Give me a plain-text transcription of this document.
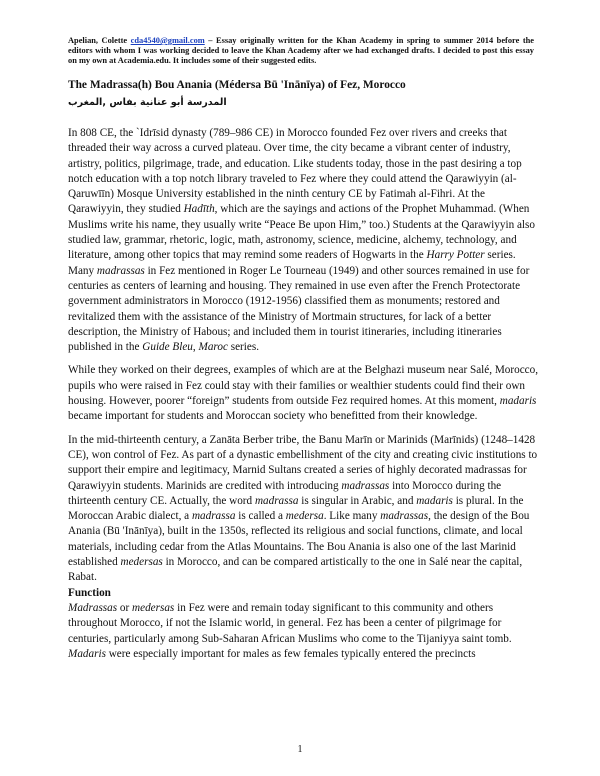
Apelian, Colette cda4540@gmail.com – Essay originally written for the Khan Academy in spring to summer 2014 before the editors with whom I was working decided to leave the Khan Academy after we had exchanged drafts. I decided to post this essay on my own at Academia.edu. It includes some of their suggested edits.
The Madrassa(h) Bou Anania (Médersa Bū 'Inānīya) of Fez, Morocco
المدرسة أبو عنانية بفاس ,المغرب

In 808 CE, the `Idrīsid dynasty (789–986 CE) in Morocco founded Fez over rivers and creeks that threaded their way across a curved plateau. Over time, the city became a vibrant center of industry, artistry, politics, pilgrimage, trade, and education. Like students today, those in the past desiring a top notch education with a top notch library traveled to Fez where they could attend the Qarawiyyin (al-Qaruwīīn) Mosque University established in the ninth century CE by Fatimah al-Fihri. At the Qarawiyyin, they studied Hadīth, which are the sayings and actions of the Prophet Muhammad. (When Muslims write his name, they usually write “Peace Be upon Him,” too.) Students at the Qarawiyyin also studied law, grammar, rhetoric, logic, math, astronomy, science, medicine, alchemy, technology, and literature, among other topics that may remind some readers of Hogwarts in the Harry Potter series. Many madrassas in Fez mentioned in Roger Le Tourneau (1949) and other sources remained in use for centuries as centers of learning and housing. They remained in use even after the French Protectorate government administrators in Morocco (1912-1956) classified them as monuments; restored and revitalized them with the assistance of the Ministry of Mortmain structures, for lack of a better description, the Ministry of Habous; and included them in tourist itineraries, including itineraries published in the Guide Bleu, Maroc series.

While they worked on their degrees, examples of which are at the Belghazi museum near Salé, Morocco, pupils who were raised in Fez could stay with their families or wealthier students could find their own housing. However, poorer “foreign” students from outside Fez required homes. At this moment, madaris became important for students and Moroccan society who benefitted from their knowledge.

In the mid-thirteenth century, a Zanāta Berber tribe, the Banu Marīn or Marinids (Marīnids) (1248–1428 CE), won control of Fez. As part of a dynastic embellishment of the city and creating civic institutions to support their empire and legitimacy, Marnid Sultans created a series of highly decorated madrassas for Qarawiyyin students. Marinids are credited with introducing madrassas into Morocco during the thirteenth century CE. Actually, the word madrassa is singular in Arabic, and madaris is plural. In the Moroccan Arabic dialect, a madrassa is called a medersa. Like many madrassas, the design of the Bou Anania (Bū 'Inānīya), built in the 1350s, reflected its religious and social functions, climate, and local materials, including cedar from the Atlas Mountains. The Bou Anania is also one of the last Marinid established medersas in Morocco, and can be compared artistically to the one in Salé near the capital, Rabat.

Function

Madrassas or medersas in Fez were and remain today significant to this community and others throughout Morocco, if not the Islamic world, in general. Fez has been a center of pilgrimage for centuries, particularly among Sub-Saharan African Muslims who come to the Tijaniyya saint tomb. Madaris were especially important for males as few females typically entered the precincts

1
